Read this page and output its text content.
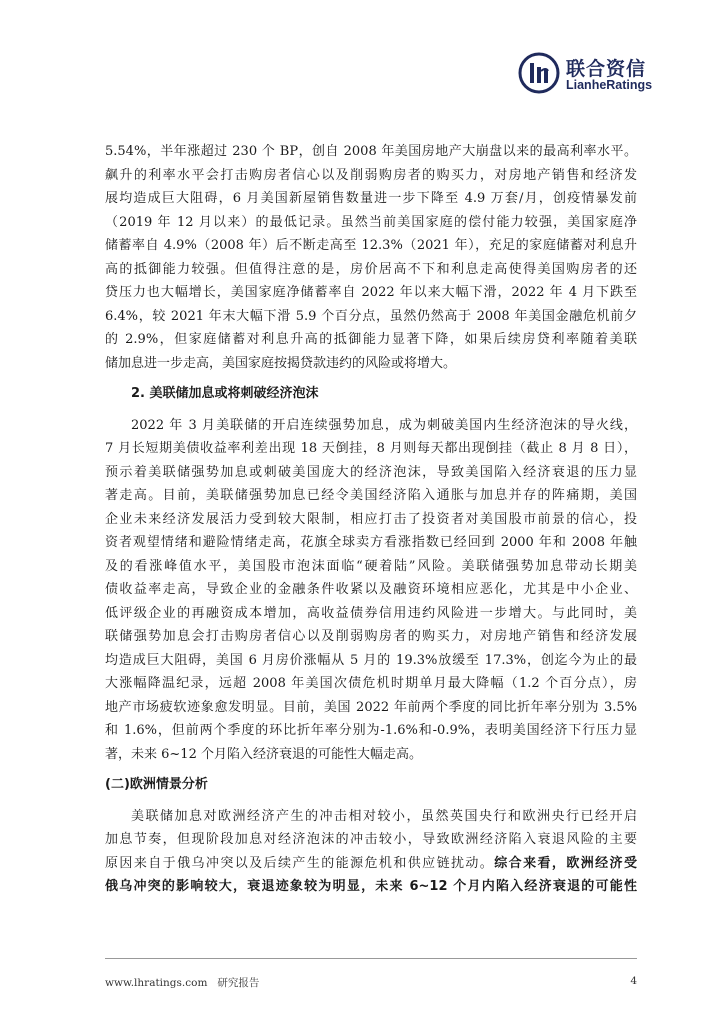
联合资信
LianheRatings
5.54%，半年涨超过 230 个 BP，创自 2008 年美国房地产大崩盘以来的最高利率水平。
飙升的利率水平会打击购房者信心以及削弱购房者的购买力，对房地产销售和经济发
展均造成巨大阻碍，6 月美国新屋销售数量进一步下降至 4.9 万套/月，创疫情暴发前
（2019 年 12 月以来）的最低记录。虽然当前美国家庭的偿付能力较强，美国家庭净
储蓄率自 4.9%（2008 年）后不断走高至 12.3%（2021 年），充足的家庭储蓄对利息升
高的抵御能力较强。但值得注意的是，房价居高不下和利息走高使得美国购房者的还
贷压力也大幅增长，美国家庭净储蓄率自 2022 年以来大幅下滑，2022 年 4 月下跌至
6.4%，较 2021 年末大幅下滑 5.9 个百分点，虽然仍然高于 2008 年美国金融危机前夕
的 2.9%，但家庭储蓄对利息升高的抵御能力显著下降，如果后续房贷利率随着美联
储加息进一步走高，美国家庭按揭贷款违约的风险或将增大。
2. 美联储加息或将刺破经济泡沫
2022 年 3 月美联储的开启连续强势加息，成为刺破美国内生经济泡沫的导火线，
7 月长短期美债收益率利差出现 18 天倒挂，8 月则每天都出现倒挂（截止 8 月 8 日），
预示着美联储强势加息或刺破美国庞大的经济泡沫，导致美国陷入经济衰退的压力显
著走高。目前，美联储强势加息已经令美国经济陷入通胀与加息并存的阵痛期，美国
企业未来经济发展活力受到较大限制，相应打击了投资者对美国股市前景的信心，投
资者观望情绪和避险情绪走高，花旗全球卖方看涨指数已经回到 2000 年和 2008 年触
及的看涨峰值水平，美国股市泡沫面临“硬着陆”风险。美联储强势加息带动长期美
债收益率走高，导致企业的金融条件收紧以及融资环境相应恶化，尤其是中小企业、
低评级企业的再融资成本增加，高收益债券信用违约风险进一步增大。与此同时，美
联储强势加息会打击购房者信心以及削弱购房者的购买力，对房地产销售和经济发展
均造成巨大阻碍，美国 6 月房价涨幅从 5 月的 19.3%放缓至 17.3%，创迄今为止的最
大涨幅降温纪录，远超 2008 年美国次债危机时期单月最大降幅（1.2 个百分点），房
地产市场疲软迹象愈发明显。目前，美国 2022 年前两个季度的同比折年率分别为 3.5%
和 1.6%，但前两个季度的环比折年率分别为-1.6%和-0.9%，表明美国经济下行压力显
著，未来 6~12 个月陷入经济衰退的可能性大幅走高。
(二)欧洲情景分析
美联储加息对欧洲经济产生的冲击相对较小，虽然英国央行和欧洲央行已经开启
加息节奏，但现阶段加息对经济泡沫的冲击较小，导致欧洲经济陷入衰退风险的主要
原因来自于俄乌冲突以及后续产生的能源危机和供应链扰动。综合来看，欧洲经济受
俄乌冲突的影响较大，衰退迹象较为明显，未来 6~12 个月内陷入经济衰退的可能性
www.lhratings.com 研究报告	4
